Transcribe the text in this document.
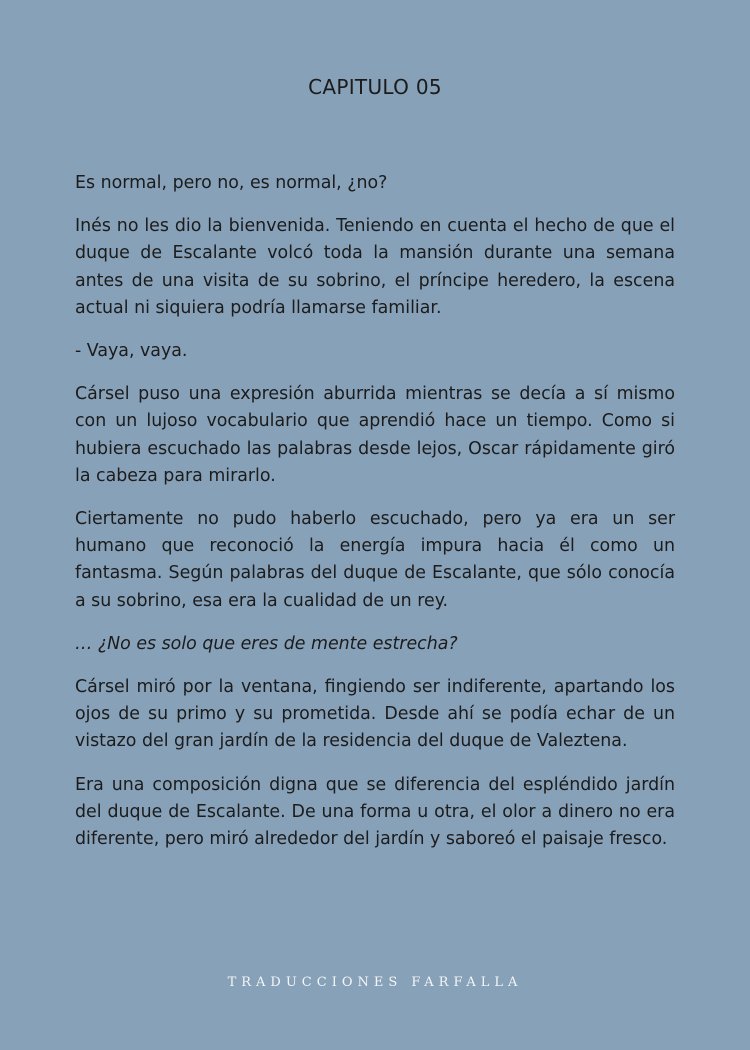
CAPITULO 05

Es normal, pero no, es normal, ¿no?

Inés no les dio la bienvenida. Teniendo en cuenta el hecho de que el duque de Escalante volcó toda la mansión durante una semana antes de una visita de su sobrino, el príncipe heredero, la escena actual ni siquiera podría llamarse familiar.

- Vaya, vaya.

Cársel puso una expresión aburrida mientras se decía a sí mismo con un lujoso vocabulario que aprendió hace un tiempo. Como si hubiera escuchado las palabras desde lejos, Oscar rápidamente giró la cabeza para mirarlo.

Ciertamente no pudo haberlo escuchado, pero ya era un ser humano que reconoció la energía impura hacia él como un fantasma. Según palabras del duque de Escalante, que sólo conocía a su sobrino, esa era la cualidad de un rey.

… ¿No es solo que eres de mente estrecha?

Cársel miró por la ventana, fingiendo ser indiferente, apartando los ojos de su primo y su prometida. Desde ahí se podía echar de un vistazo del gran jardín de la residencia del duque de Valeztena.

Era una composición digna que se diferencia del espléndido jardín del duque de Escalante. De una forma u otra, el olor a dinero no era diferente, pero miró alrededor del jardín y saboreó el paisaje fresco.

TRADUCCIONES FARFALLA
